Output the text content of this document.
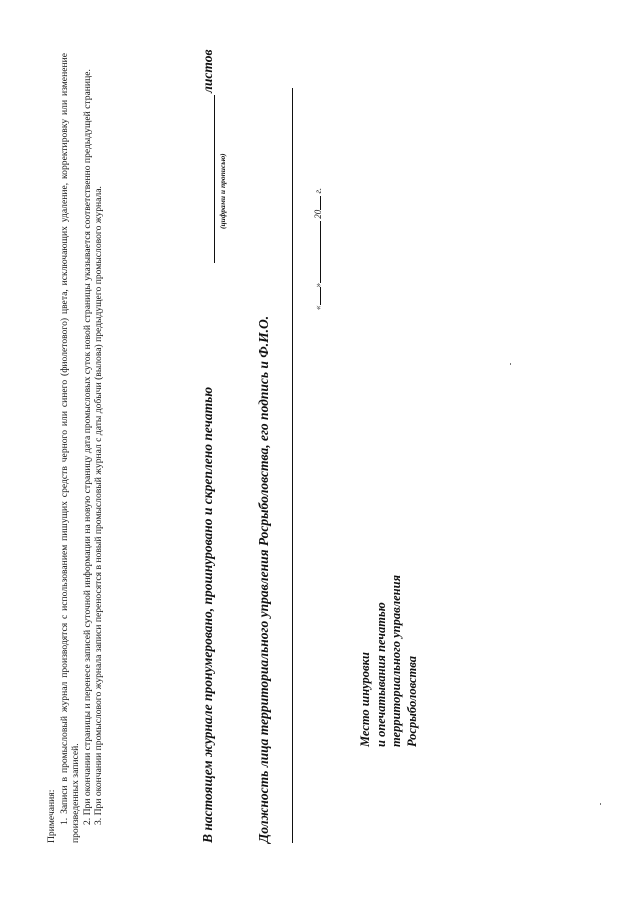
Примечания: 1. Записи в промысловый журнал производятся с использованием пишущих средств черного или синего (фиолетового) цвета, исключающих удаление, корректировку или изменение произведенных записей. 2. При окончании страницы и перенесе записей суточной информации на новую страницу дата промысловых суток новой страницы указывается соответственно предыдущей странице. 3. При окончании промыслового журнала записи переносятся в новый промысловый журнал с даты добычи (вылова) предыдущего промыслового журнала.	В настоящем журнале пронумеровано, прошнуровано и скреплено печатью
листов
(цифрами и прописью)
Должность лица территориального управления Росрыболовства, его подпись и Ф.И.О.
«» 20 г.
Место шнуровки и опечатывания печатью территориального управления Росрыболовства
